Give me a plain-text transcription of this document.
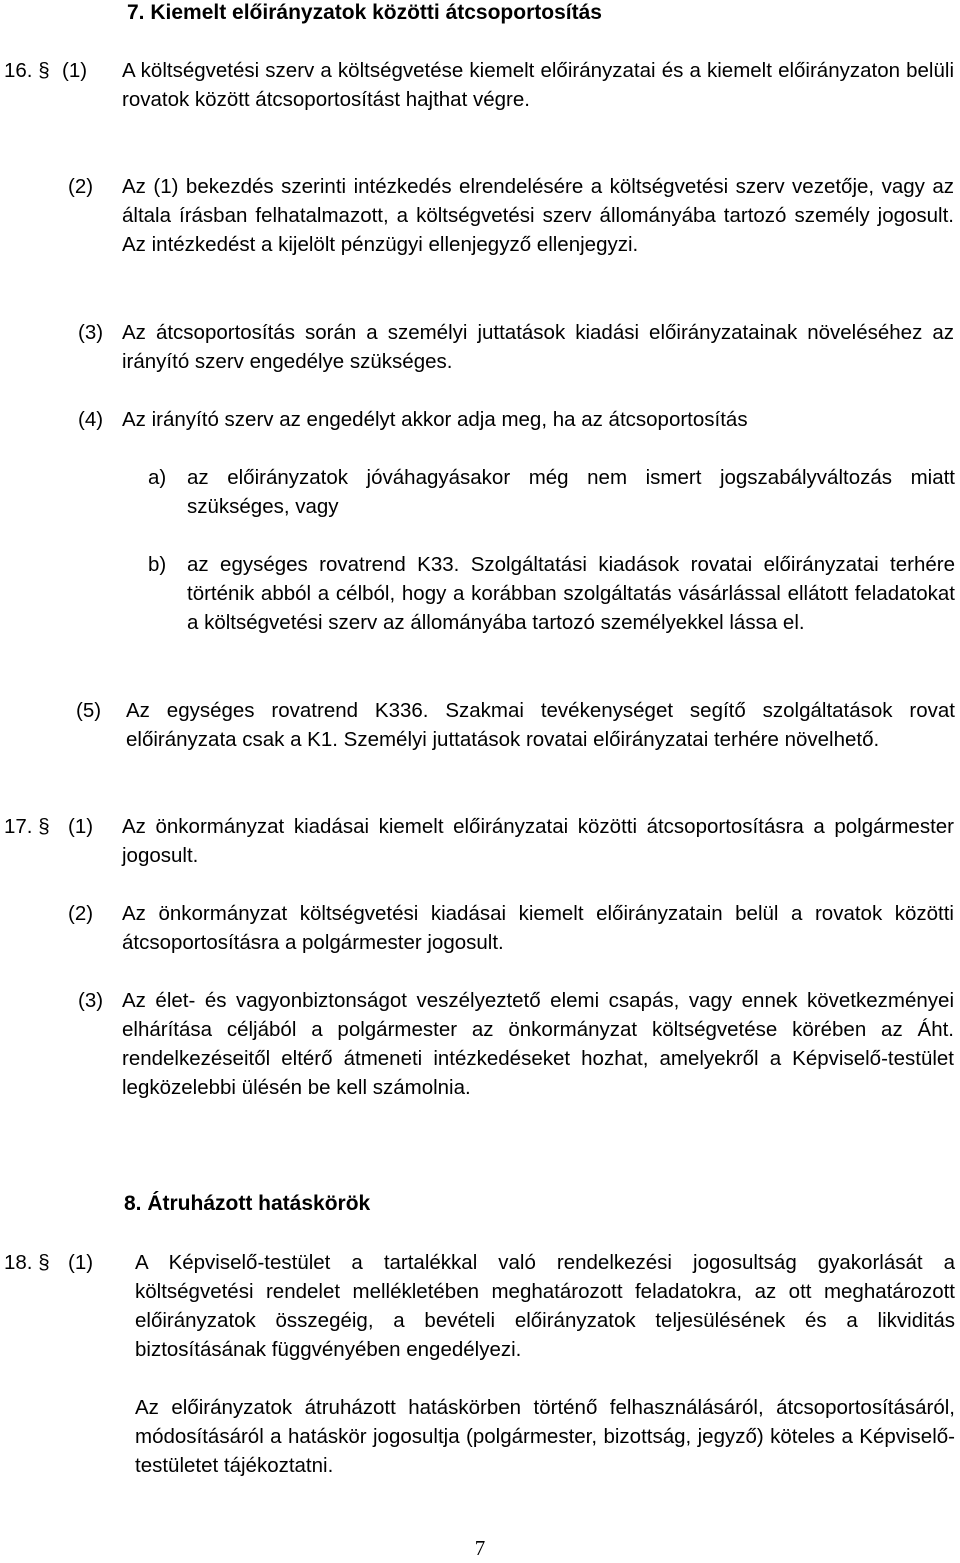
7. Kiemelt előirányzatok közötti átcsoportosítás
16. § (1) A költségvetési szerv a költségvetése kiemelt előirányzatai és a kiemelt előirányzaton belüli rovatok között átcsoportosítást hajthat végre.
(2) Az (1) bekezdés szerinti intézkedés elrendelésére a költségvetési szerv vezetője, vagy az általa írásban felhatalmazott, a költségvetési szerv állományába tartozó személy jogosult. Az intézkedést a kijelölt pénzügyi ellenjegyző ellenjegyzi.
(3) Az átcsoportosítás során a személyi juttatások kiadási előirányzatainak növeléséhez az irányító szerv engedélye szükséges.
(4) Az irányító szerv az engedélyt akkor adja meg, ha az átcsoportosítás
a) az előirányzatok jóváhagyásakor még nem ismert jogszabályváltozás miatt szükséges, vagy
b) az egységes rovatrend K33. Szolgáltatási kiadások rovatai előirányzatai terhére történik abból a célból, hogy a korábban szolgáltatás vásárlással ellátott feladatokat a költségvetési szerv az állományába tartozó személyekkel lássa el.
(5) Az egységes rovatrend K336. Szakmai tevékenységet segítő szolgáltatások rovat előirányzata csak a K1. Személyi juttatások rovatai előirányzatai terhére növelhető.
17. § (1) Az önkormányzat kiadásai kiemelt előirányzatai közötti átcsoportosításra a polgármester jogosult.
(2) Az önkormányzat költségvetési kiadásai kiemelt előirányzatain belül a rovatok közötti átcsoportosításra a polgármester jogosult.
(3) Az élet- és vagyonbiztonságot veszélyeztető elemi csapás, vagy ennek következményei elhárítása céljából a polgármester az önkormányzat költségvetése körében az Áht. rendelkezéseitől eltérő átmeneti intézkedéseket hozhat, amelyekről a Képviselő-testület legközelebbi ülésén be kell számolnia.
8. Átruházott hatáskörök
18. § (1) A Képviselő-testület a tartalékkal való rendelkezési jogosultság gyakorlását a költségvetési rendelet mellékletében meghatározott feladatokra, az ott meghatározott előirányzatok összegéig, a bevételi előirányzatok teljesülésének és a likviditás biztosításának függvényében engedélyezi.
Az előirányzatok átruházott hatáskörben történő felhasználásáról, átcsoportosításáról, módosításáról a hatáskör jogosultja (polgármester, bizottság, jegyző) köteles a Képviselő-testületet tájékoztatni.
7
